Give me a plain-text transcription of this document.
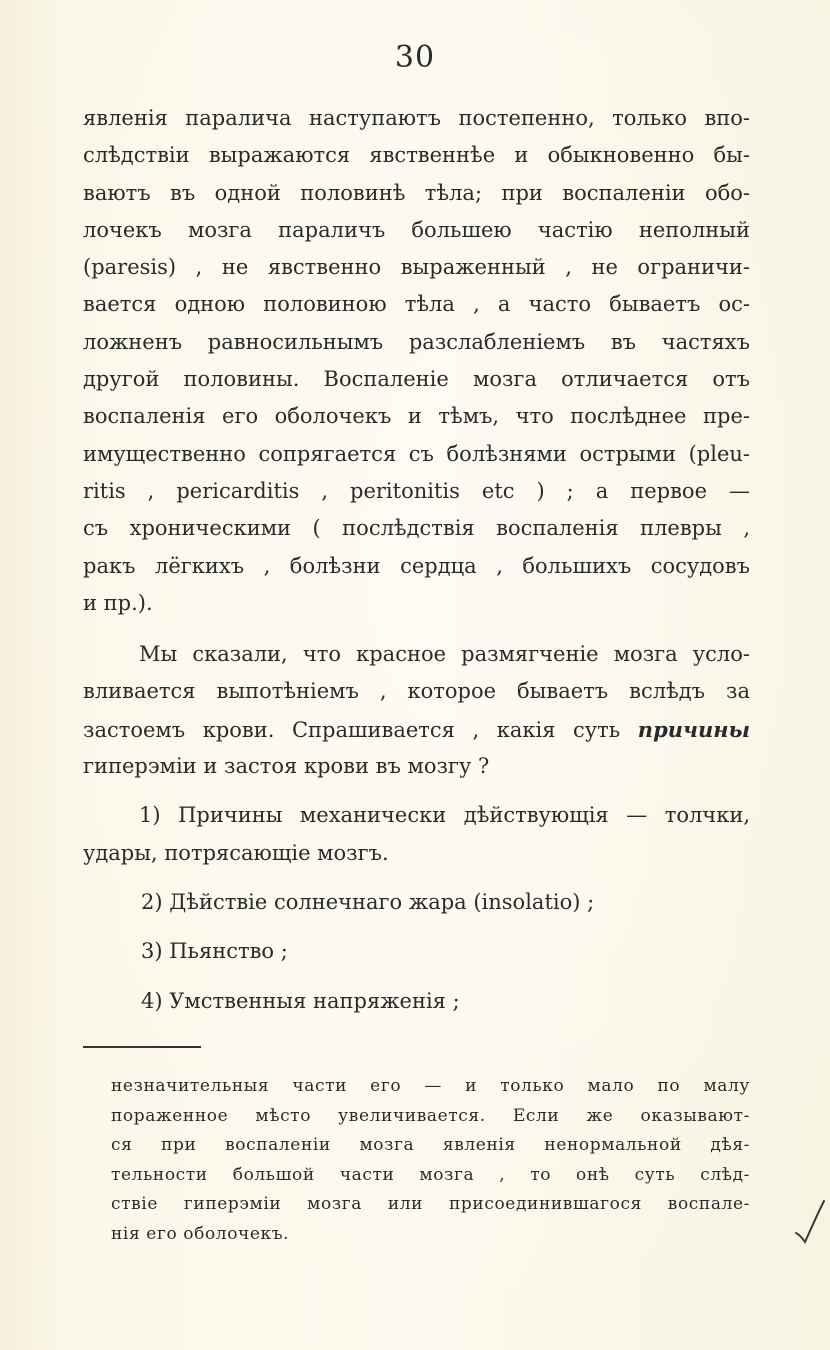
30
явленія паралича наступаютъ постепенно, только впо-
слѣдствіи выражаются явственнѣе и обыкновенно бы-
ваютъ въ одной половинѣ тѣла; при воспаленіи обо-
лочекъ мозга параличъ большею частію неполный
(paresis) , не явственно выраженный , не ограничи-
вается одною половиною тѣла , а часто бываетъ ос-
ложненъ равносильнымъ разслабленіемъ въ частяхъ
другой половины. Воспаленіе мозга отличается отъ
воспаленія его оболочекъ и тѣмъ, что послѣднее пре-
имущественно сопрягается съ болѣзнями острыми (pleu-
ritis , pericarditis , peritonitis etc ) ; а первое —
съ хроническими ( послѣдствія воспаленія плевры ,
ракъ лёгкихъ , болѣзни сердца , большихъ сосудовъ
и пр.).
Мы сказали, что красное размягченіе мозга усло-
вливается выпотѣніемъ , которое бываетъ вслѣдъ за
застоемъ крови. Спрашивается , какія суть причины
гиперэміи и застоя крови въ мозгу ?
1) Причины механически дѣйствующія — толчки,
удары, потрясающіе мозгъ.
2) Дѣйствіе солнечнаго жара (insolatio) ;
3) Пьянство ;
4) Умственныя напряженія ;
незначительныя части его — и только мало по малу
пораженное мѣсто увеличивается. Если же оказывают-
ся при воспаленіи мозга явленія ненормальной дѣя-
тельности большой части мозга , то онѣ суть слѣд-
ствіе гиперэміи мозга или присоединившагося воспале-
нія его оболочекъ.
